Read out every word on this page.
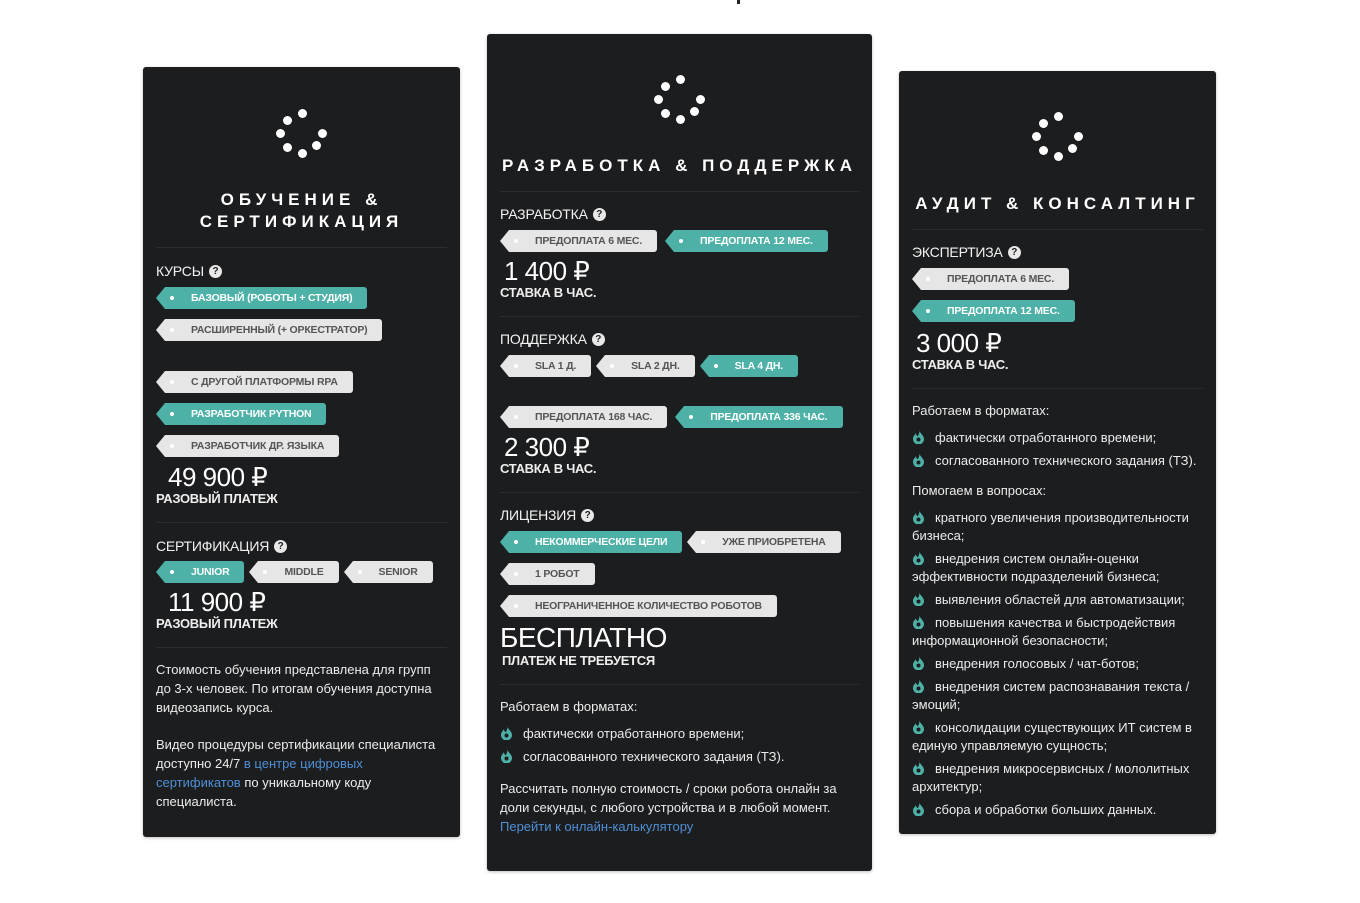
ОБУЧЕНИЕ &
СЕРТИФИКАЦИЯ
КУРСЫ ?
БАЗОВЫЙ (РОБОТЫ + СТУДИЯ)
РАСШИРЕННЫЙ (+ ОРКЕСТРАТОР)
С ДРУГОЙ ПЛАТФОРМЫ RPA
РАЗРАБОТЧИК PYTHON
РАЗРАБОТЧИК ДР. ЯЗЫКА
49 900 ₽
РАЗОВЫЙ ПЛАТЕЖ
СЕРТИФИКАЦИЯ ?
JUNIOR	MIDDLE	SENIOR
11 900 ₽
РАЗОВЫЙ ПЛАТЕЖ

Стоимость обучения представлена для групп до 3-х человек. По итогам обучения доступна видеозапись курса.

Видео процедуры сертификации специалиста доступно 24/7 в центре цифровых сертификатов по уникальному коду специалиста.

РАЗРАБОТКА & ПОДДЕРЖКА
РАЗРАБОТКА ?
ПРЕДОПЛАТА 6 МЕС.	ПРЕДОПЛАТА 12 МЕС.
1 400 ₽
СТАВКА В ЧАС.
ПОДДЕРЖКА ?
SLA 1 Д.	SLA 2 ДН.	SLA 4 ДН.
ПРЕДОПЛАТА 168 ЧАС.	ПРЕДОПЛАТА 336 ЧАС.
2 300 ₽
СТАВКА В ЧАС.
ЛИЦЕНЗИЯ ?
НЕКОММЕРЧЕСКИЕ ЦЕЛИ	УЖЕ ПРИОБРЕТЕНА
1 РОБОТ
НЕОГРАНИЧЕННОЕ КОЛИЧЕСТВО РОБОТОВ
БЕСПЛАТНО
ПЛАТЕЖ НЕ ТРЕБУЕТСЯ

Работаем в форматах:

фактически отработанного времени;
согласованного технического задания (ТЗ).

Рассчитать полную стоимость / сроки робота онлайн за доли секунды, с любого устройства и в любой момент.
Перейти к онлайн-калькулятору

АУДИТ & КОНСАЛТИНГ
ЭКСПЕРТИЗА ?
ПРЕДОПЛАТА 6 МЕС.
ПРЕДОПЛАТА 12 МЕС.
3 000 ₽
СТАВКА В ЧАС.

Работаем в форматах:

фактически отработанного времени;
согласованного технического задания (ТЗ).

Помогаем в вопросах:

кратного увеличения производительности бизнеса;
внедрения систем онлайн-оценки эффективности подразделений бизнеса;
выявления областей для автоматизации;
повышения качества и быстродействия информационной безопасности;
внедрения голосовых / чат-ботов;
внедрения систем распознавания текста / эмоций;
консолидации существующих ИТ систем в единую управляемую сущность;
внедрения микросервисных / мололитных архитектур;
сбора и обработки больших данных.
